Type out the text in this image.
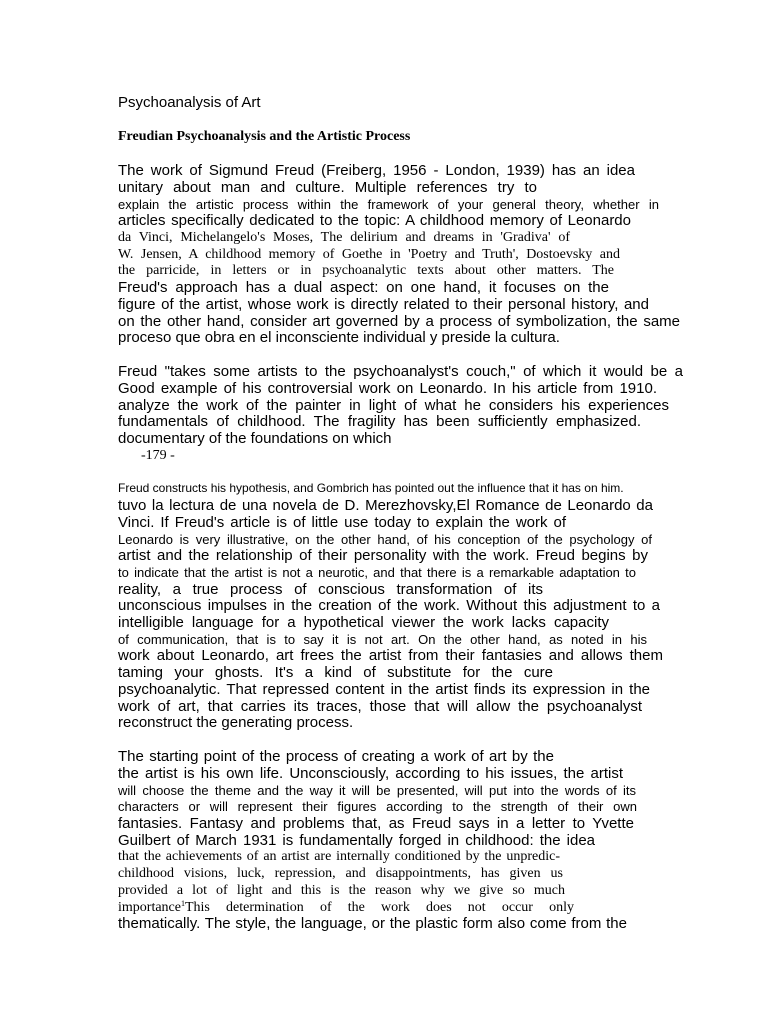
Psychoanalysis of Art
Freudian Psychoanalysis and the Artistic Process
The work of Sigmund Freud (Freiberg, 1956 - London, 1939) has an idea
unitary about man and culture. Multiple references try to
explain the artistic process within the framework of your general theory, whether in
articles specifically dedicated to the topic: A childhood memory of Leonardo
da Vinci, Michelangelo's Moses, The delirium and dreams in 'Gradiva' of
W. Jensen, A childhood memory of Goethe in 'Poetry and Truth', Dostoevsky and
the parricide, in letters or in psychoanalytic texts about other matters. The
Freud's approach has a dual aspect: on one hand, it focuses on the
figure of the artist, whose work is directly related to their personal history, and
on the other hand, consider art governed by a process of symbolization, the same
proceso que obra en el inconsciente individual y preside la cultura.
Freud "takes some artists to the psychoanalyst's couch," of which it would be a
Good example of his controversial work on Leonardo. In his article from 1910.
analyze the work of the painter in light of what he considers his experiences
fundamentals of childhood. The fragility has been sufficiently emphasized.
documentary of the foundations on which
-179 -
Freud constructs his hypothesis, and Gombrich has pointed out the influence that it has on him.
tuvo la lectura de una novela de D. Merezhovsky,El Romance de Leonardo da
Vinci. If Freud's article is of little use today to explain the work of
Leonardo is very illustrative, on the other hand, of his conception of the psychology of
artist and the relationship of their personality with the work. Freud begins by
to indicate that the artist is not a neurotic, and that there is a remarkable adaptation to
reality, a true process of conscious transformation of its
unconscious impulses in the creation of the work. Without this adjustment to a
intelligible language for a hypothetical viewer the work lacks capacity
of communication, that is to say it is not art. On the other hand, as noted in his
work about Leonardo, art frees the artist from their fantasies and allows them
taming your ghosts. It's a kind of substitute for the cure
psychoanalytic. That repressed content in the artist finds its expression in the
work of art, that carries its traces, those that will allow the psychoanalyst
reconstruct the generating process.
The starting point of the process of creating a work of art by the
the artist is his own life. Unconsciously, according to his issues, the artist
will choose the theme and the way it will be presented, will put into the words of its
characters or will represent their figures according to the strength of their own
fantasies. Fantasy and problems that, as Freud says in a letter to Yvette
Guilbert of March 1931 is fundamentally forged in childhood: the idea
that the achievements of an artist are internally conditioned by the unpredic-
childhood visions, luck, repression, and disappointments, has given us
provided a lot of light and this is the reason why we give so much
importance$^1$ This determination of the work does not occur only
thematically. The style, the language, or the plastic form also come from the
